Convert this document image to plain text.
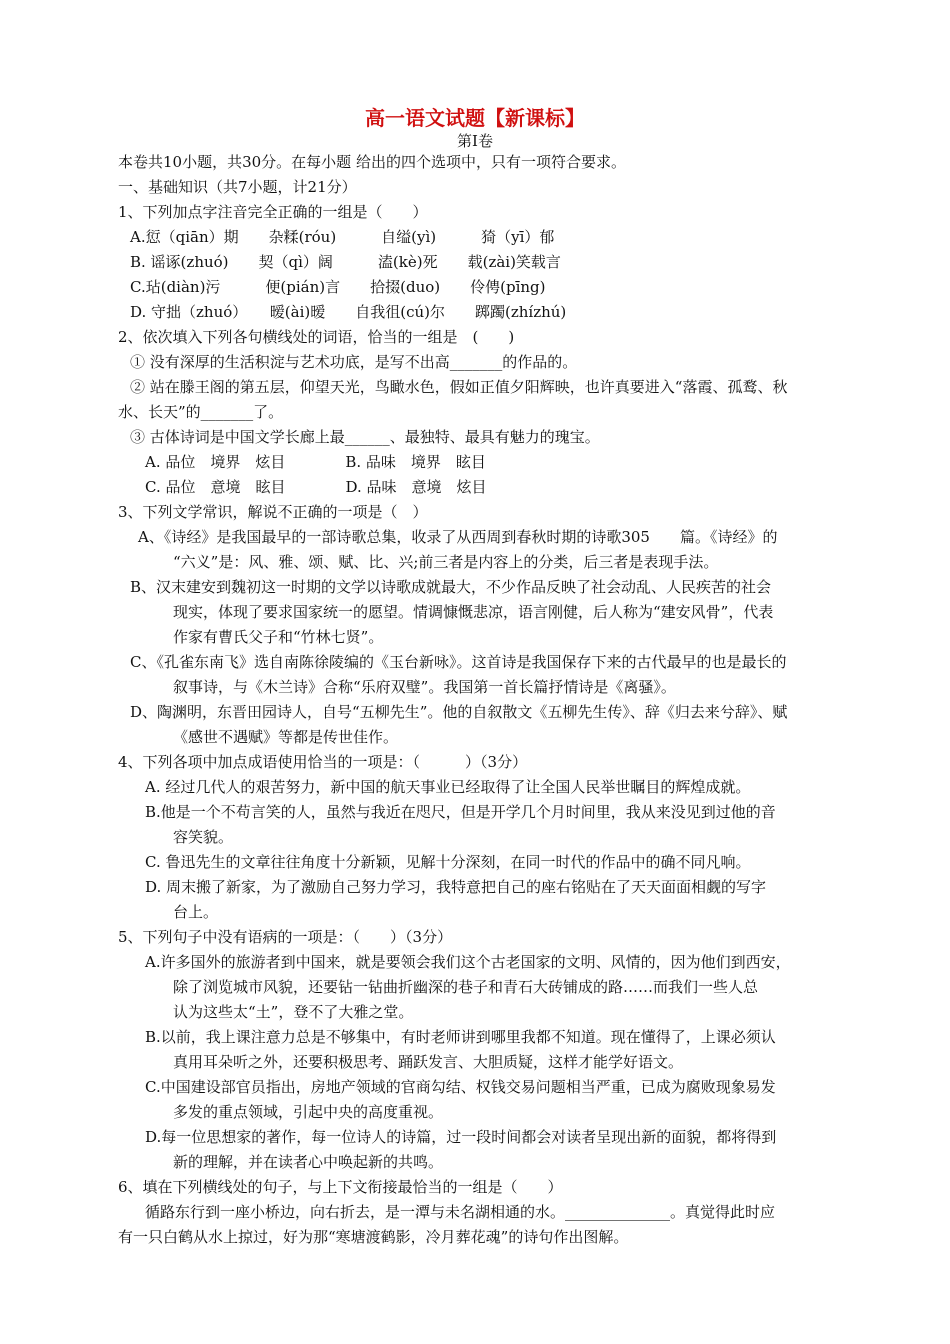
高一语文试题【新课标】
第Ⅰ卷
本卷共10小题，共30分。在每小题 给出的四个选项中，只有一项符合要求。
一、基础知识（共7小题，计21分）
1、下列加点字注音完全正确的一组是（　　）
A.愆（qiān）期　　杂糅(róu)　　　自缢(yì)　　　猗（yī）郁
B. 谣诼(zhuó)　　契（qì）阔　　　溘(kè)死　　载(zài)笑载言
C.玷(diàn)污　　　便(pián)言　　拾掇(duo)　　伶俜(pīng)
D. 守拙（zhuó）　　暧(ài)暧　　自我徂(cú)尔　　踯躅(zhízhú)
2、依次填入下列各句横线处的词语，恰当的一组是　(　　)
① 没有深厚的生活积淀与艺术功底，是写不出高_______的作品的。
② 站在滕王阁的第五层，仰望天光，鸟瞰水色，假如正值夕阳辉映，也许真要进入“落霞、孤鹜、秋
水、长天”的_______了。
③ 古体诗词是中国文学长廊上最______、最独特、最具有魅力的瑰宝。
A. 品位　境界　炫目　　　　B. 品味　境界　眩目
C. 品位　意境　眩目　　　　D. 品味　意境　炫目
3、下列文学常识，解说不正确的一项是（　）
A、《诗经》是我国最早的一部诗歌总集，收录了从西周到春秋时期的诗歌305　　篇。《诗经》的
“六义”是：风、雅、颂、赋、比、兴;前三者是内容上的分类，后三者是表现手法。
B、汉末建安到魏初这一时期的文学以诗歌成就最大，不少作品反映了社会动乱、人民疾苦的社会
现实，体现了要求国家统一的愿望。情调慷慨悲凉，语言刚健，后人称为“建安风骨”，代表
作家有曹氏父子和“竹林七贤”。
C、《孔雀东南飞》选自南陈徐陵编的《玉台新咏》。这首诗是我国保存下来的古代最早的也是最长的
叙事诗，与《木兰诗》合称“乐府双璧”。我国第一首长篇抒情诗是《离骚》。
D、陶渊明，东晋田园诗人，自号“五柳先生”。他的自叙散文《五柳先生传》、辞《归去来兮辞》、赋
《感世不遇赋》等都是传世佳作。
4、下列各项中加点成语使用恰当的一项是：（　　　）（3分）
A. 经过几代人的艰苦努力，新中国的航天事业已经取得了让全国人民举世瞩目的辉煌成就。
B.他是一个不苟言笑的人，虽然与我近在咫尺，但是开学几个月时间里，我从来没见到过他的音
容笑貌。
C. 鲁迅先生的文章往往角度十分新颖，见解十分深刻，在同一时代的作品中的确不同凡响。
D. 周末搬了新家，为了激励自己努力学习，我特意把自己的座右铭贴在了天天面面相觑的写字
台上。
5、下列句子中没有语病的一项是：（　　）（3分）
A.许多国外的旅游者到中国来，就是要领会我们这个古老国家的文明、风情的，因为他们到西安，
除了浏览城市风貌，还要钻一钻曲折幽深的巷子和青石大砖铺成的路……而我们一些人总
认为这些太“土”，登不了大雅之堂。
B.以前，我上课注意力总是不够集中，有时老师讲到哪里我都不知道。现在懂得了，上课必须认
真用耳朵听之外，还要积极思考、踊跃发言、大胆质疑，这样才能学好语文。
C.中国建设部官员指出，房地产领域的官商勾结、权钱交易问题相当严重，已成为腐败现象易发
多发的重点领域，引起中央的高度重视。
D.每一位思想家的著作，每一位诗人的诗篇，过一段时间都会对读者呈现出新的面貌，都将得到
新的理解，并在读者心中唤起新的共鸣。
6、填在下列横线处的句子，与上下文衔接最恰当的一组是（　　）
循路东行到一座小桥边，向右折去，是一潭与未名湖相通的水。______________。真觉得此时应
有一只白鹤从水上掠过，好为那“寒塘渡鹤影，冷月葬花魂”的诗句作出图解。
